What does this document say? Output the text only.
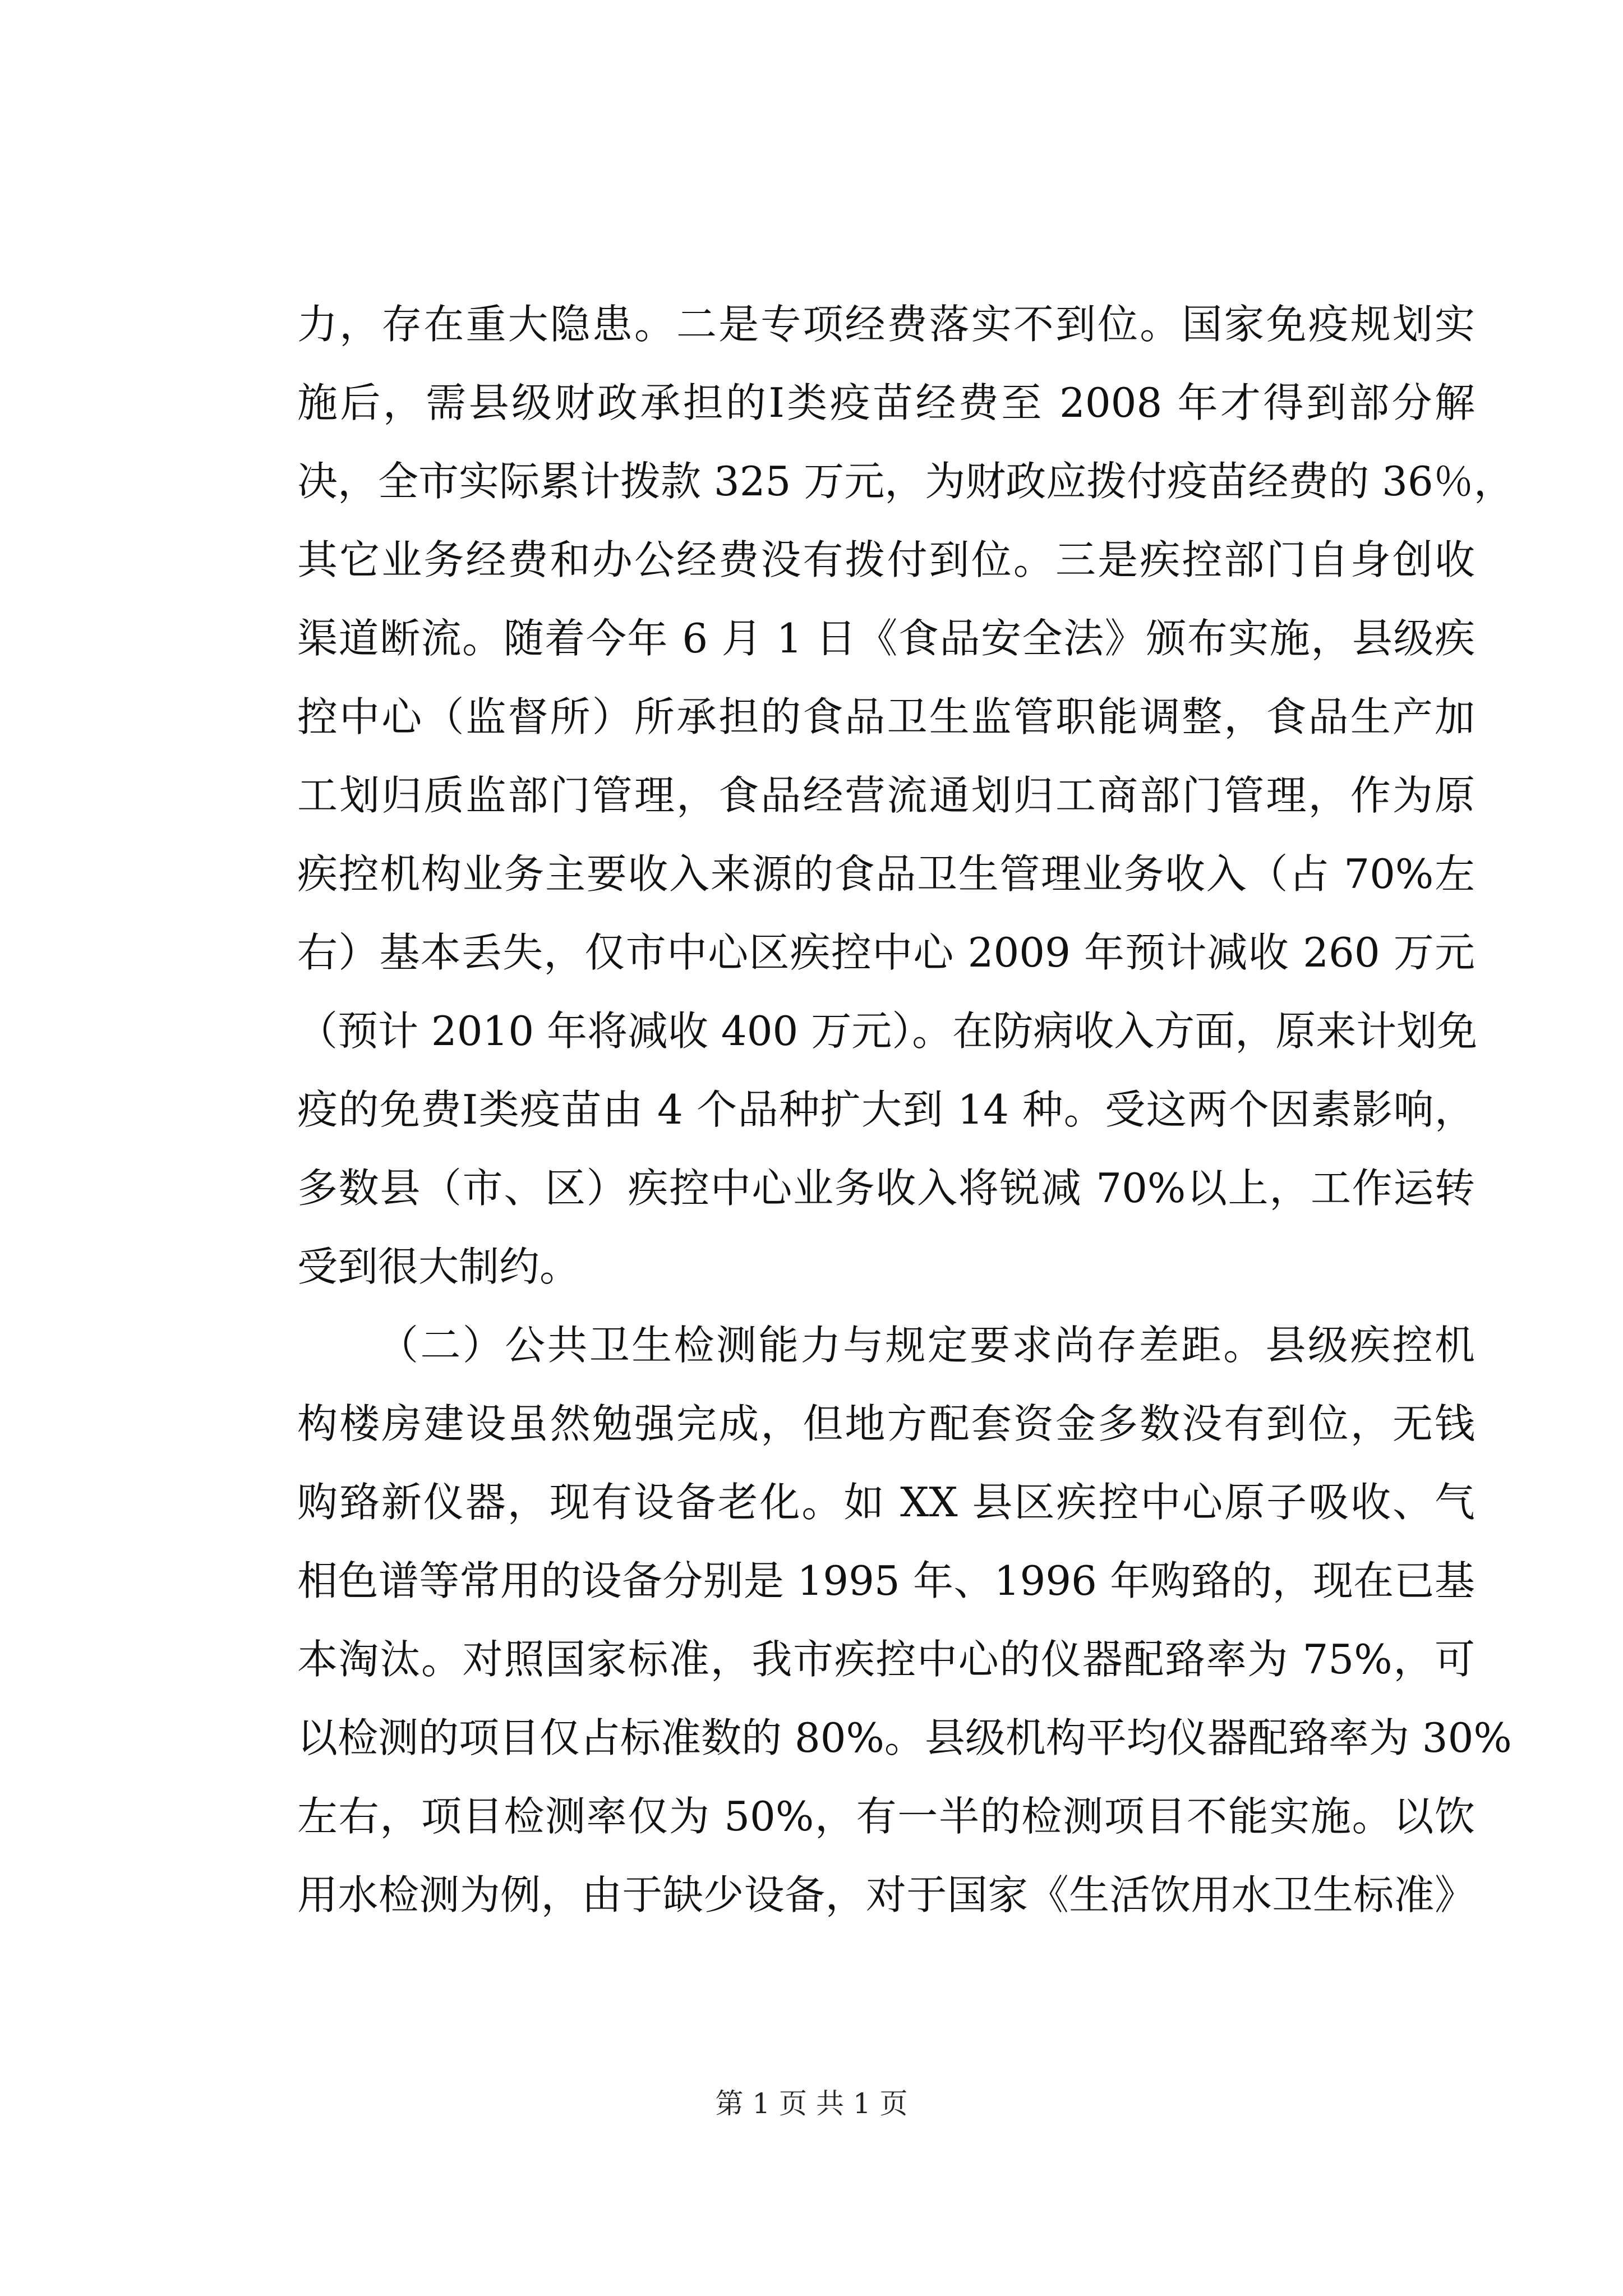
力，存在重大隐患。二是专项经费落实不到位。国家免疫规划实
施后，需县级财政承担的Ⅰ类疫苗经费至 2008 年才得到部分解
决，全市实际累计拨款 325 万元，为财政应拨付疫苗经费的 36％，
其它业务经费和办公经费没有拨付到位。三是疾控部门自身创收
渠道断流。随着今年 6 月 1 日《食品安全法》颁布实施，县级疾
控中心（监督所）所承担的食品卫生监管职能调整，食品生产加
工划归质监部门管理，食品经营流通划归工商部门管理，作为原
疾控机构业务主要收入来源的食品卫生管理业务收入（占 70%左
右）基本丢失，仅市中心区疾控中心 2009 年预计减收 260 万元
（预计 2010 年将减收 400 万元）。在防病收入方面，原来计划免
疫的免费Ⅰ类疫苗由 4 个品种扩大到 14 种。受这两个因素影响，
多数县（市、区）疾控中心业务收入将锐减 70%以上，工作运转
受到很大制约。
（二）公共卫生检测能力与规定要求尚存差距。县级疾控机
构楼房建设虽然勉强完成，但地方配套资金多数没有到位，无钱
购臵新仪器，现有设备老化。如 XX 县区疾控中心原子吸收、气
相色谱等常用的设备分别是 1995 年、1996 年购臵的，现在已基
本淘汰。对照国家标准，我市疾控中心的仪器配臵率为 75%，可
以检测的项目仅占标准数的 80%。县级机构平均仪器配臵率为 30%
左右，项目检测率仅为 50%，有一半的检测项目不能实施。以饮
用水检测为例，由于缺少设备，对于国家《生活饮用水卫生标准》
第 1 页 共 1 页
